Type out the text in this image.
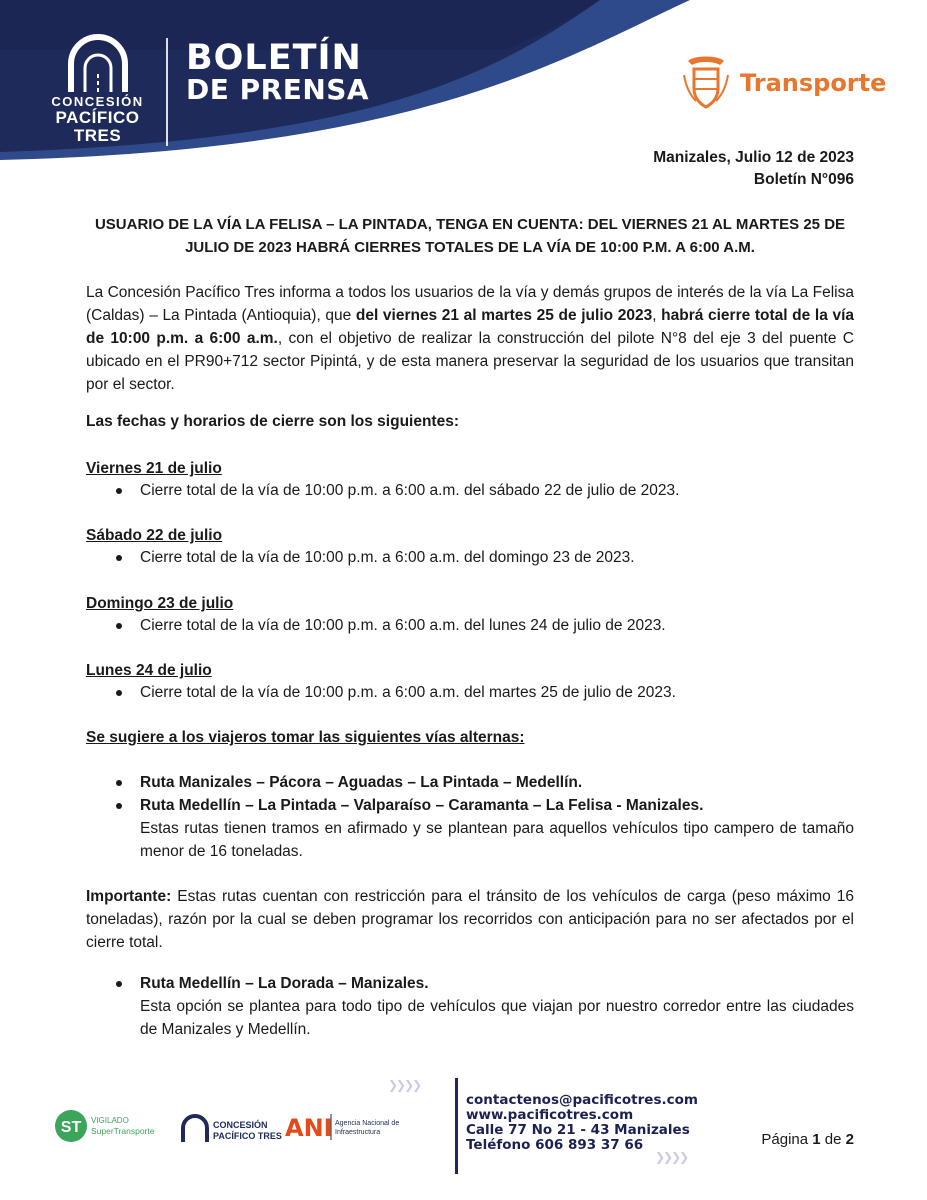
CONCESIÓN
PACÍFICO TRES
BOLETÍN
DE PRENSA	Transporte
Manizales, Julio 12 de 2023
Boletín N°096
USUARIO DE LA VÍA LA FELISA – LA PINTADA, TENGA EN CUENTA: DEL VIERNES 21 AL MARTES 25 DE
JULIO DE 2023 HABRÁ CIERRES TOTALES DE LA VÍA DE 10:00 P.M. A 6:00 A.M.
La Concesión Pacífico Tres informa a todos los usuarios de la vía y demás grupos de interés de la vía La Felisa (Caldas) – La Pintada (Antioquia), que del viernes 21 al martes 25 de julio 2023, habrá cierre total de la vía de 10:00 p.m. a 6:00 a.m., con el objetivo de realizar la construcción del pilote N°8 del eje 3 del puente C ubicado en el PR90+712 sector Pipintá, y de esta manera preservar la seguridad de los usuarios que transitan por el sector.
Las fechas y horarios de cierre son los siguientes:
Viernes 21 de julio
Cierre total de la vía de 10:00 p.m. a 6:00 a.m. del sábado 22 de julio de 2023.
Sábado 22 de julio
Cierre total de la vía de 10:00 p.m. a 6:00 a.m. del domingo 23 de 2023.
Domingo 23 de julio
Cierre total de la vía de 10:00 p.m. a 6:00 a.m. del lunes 24 de julio de 2023.
Lunes 24 de julio
Cierre total de la vía de 10:00 p.m. a 6:00 a.m. del martes 25 de julio de 2023.
Se sugiere a los viajeros tomar las siguientes vías alternas:
Ruta Manizales – Pácora – Aguadas – La Pintada – Medellín.
Ruta Medellín – La Pintada – Valparaíso – Caramanta – La Felisa - Manizales.
Estas rutas tienen tramos en afirmado y se plantean para aquellos vehículos tipo campero de tamaño menor de 16 toneladas.
Importante: Estas rutas cuentan con restricción para el tránsito de los vehículos de carga (peso máximo 16 toneladas), razón por la cual se deben programar los recorridos con anticipación para no ser afectados por el cierre total.
Ruta Medellín – La Dorada – Manizales.
Esta opción se plantea para todo tipo de vehículos que viajan por nuestro corredor entre las ciudades de Manizales y Medellín.
ST VIGILADO
SuperTransporte
CONCESIÓN
PACÍFICO TRES ANI Agencia Nacional de
Infraestructura
❯❯❯❯
❯❯❯❯
contactenos@pacificotres.com
www.pacificotres.com
Calle 77 No 21 - 43 Manizales
Teléfono 606 893 37 66	Página 1 de 2
